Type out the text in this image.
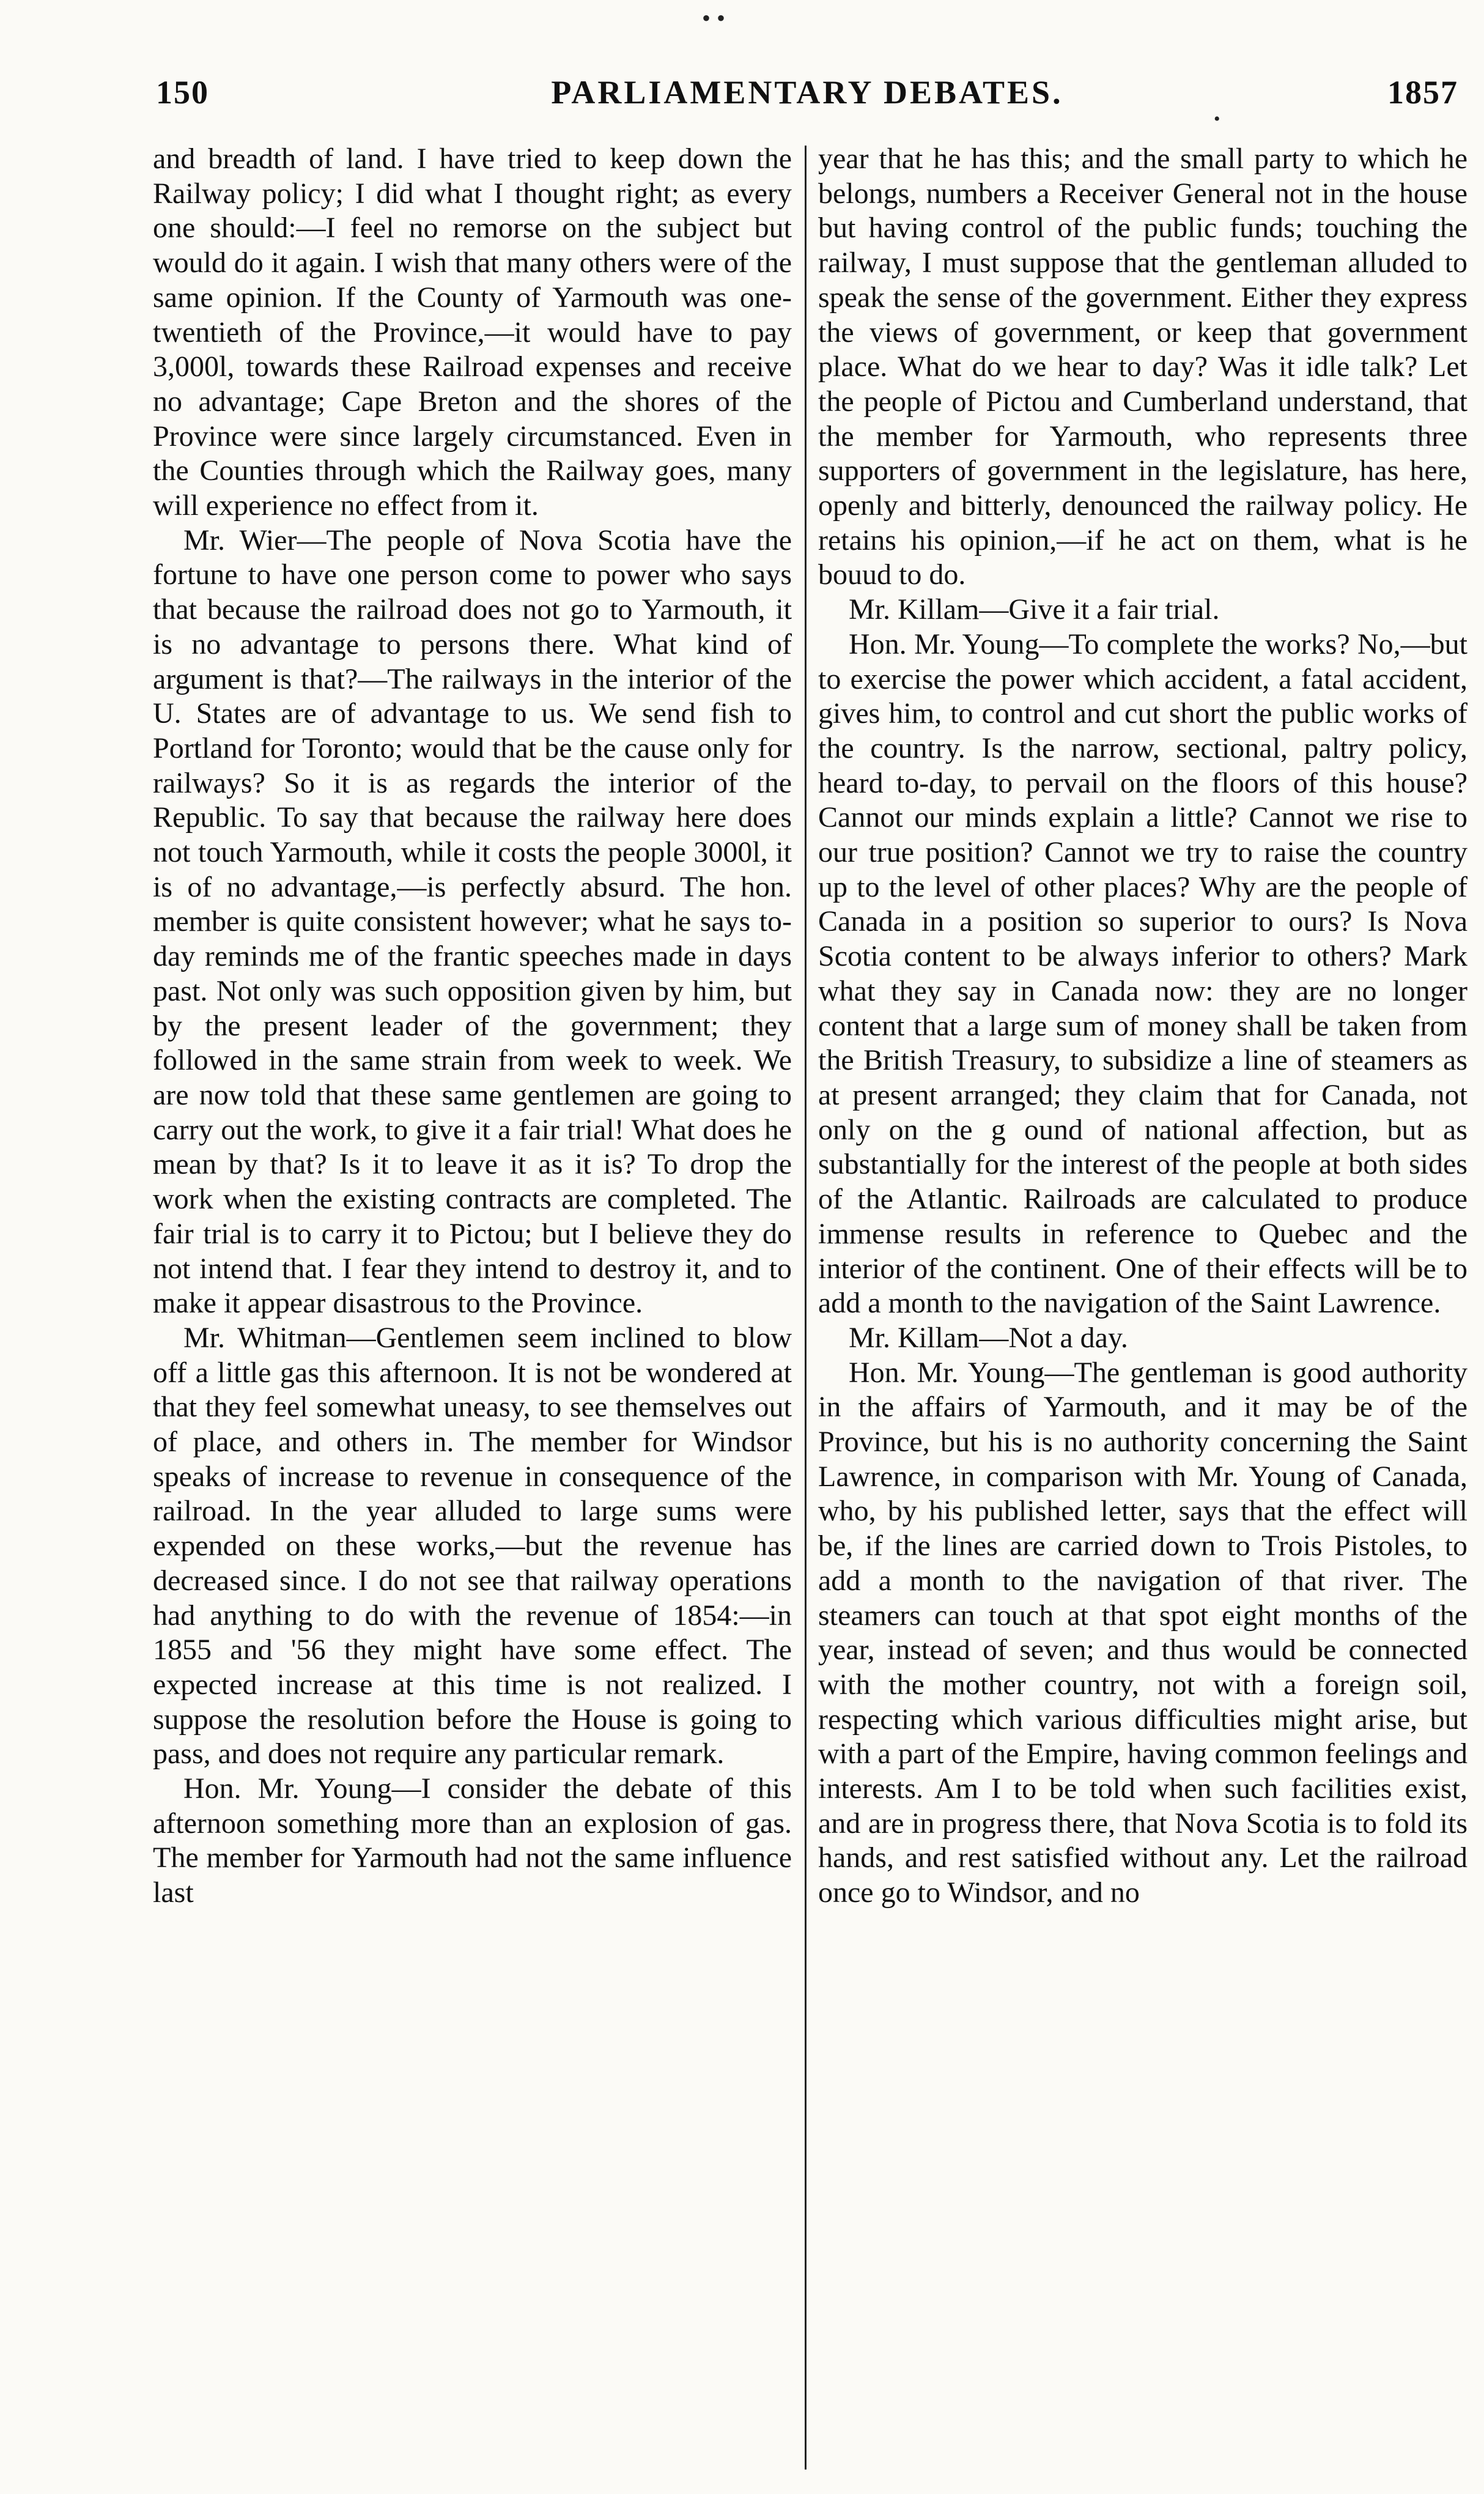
• •
•
150	PARLIAMENTARY DEBATES.	1857

and breadth of land. I have tried to keep down the Railway policy; I did what I thought right; as every one should:—I feel no remorse on the subject but would do it again. I wish that many others were of the same opinion. If the County of Yarmouth was one-twentieth of the Province,—it would have to pay 3,000l, towards these Railroad expenses and receive no advantage; Cape Breton and the shores of the Province were since largely circumstanced. Even in the Counties through which the Railway goes, many will experience no effect from it.

Mr. Wier—The people of Nova Scotia have the fortune to have one person come to power who says that because the railroad does not go to Yarmouth, it is no advantage to persons there. What kind of argument is that?—The railways in the interior of the U. States are of advantage to us. We send fish to Portland for Toronto; would that be the cause only for railways? So it is as regards the interior of the Republic. To say that because the railway here does not touch Yarmouth, while it costs the people 3000l, it is of no advantage,—is perfectly absurd. The hon. member is quite consistent however; what he says to-day reminds me of the frantic speeches made in days past. Not only was such opposition given by him, but by the present leader of the government; they followed in the same strain from week to week. We are now told that these same gentlemen are going to carry out the work, to give it a fair trial! What does he mean by that? Is it to leave it as it is? To drop the work when the existing contracts are completed. The fair trial is to carry it to Pictou; but I believe they do not intend that. I fear they intend to destroy it, and to make it appear disastrous to the Province.

Mr. Whitman—Gentlemen seem inclined to blow off a little gas this afternoon. It is not be wondered at that they feel somewhat uneasy, to see themselves out of place, and others in. The member for Windsor speaks of increase to revenue in consequence of the railroad. In the year alluded to large sums were expended on these works,—but the revenue has decreased since. I do not see that railway operations had anything to do with the revenue of 1854:—in 1855 and '56 they might have some effect. The expected increase at this time is not realized. I suppose the resolution before the House is going to pass, and does not require any particular remark.

Hon. Mr. Young—I consider the debate of this afternoon something more than an explosion of gas. The member for Yarmouth had not the same influence last

year that he has this; and the small party to which he belongs, numbers a Receiver General not in the house but having control of the public funds; touching the railway, I must suppose that the gentleman alluded to speak the sense of the government. Either they express the views of government, or keep that government place. What do we hear to day? Was it idle talk? Let the people of Pictou and Cumberland understand, that the member for Yarmouth, who represents three supporters of government in the legislature, has here, openly and bitterly, denounced the railway policy. He retains his opinion,—if he act on them, what is he bouud to do.

Mr. Killam—Give it a fair trial.

Hon. Mr. Young—To complete the works? No,—but to exercise the power which accident, a fatal accident, gives him, to control and cut short the public works of the country. Is the narrow, sectional, paltry policy, heard to-day, to pervail on the floors of this house? Cannot our minds explain a little? Cannot we rise to our true position? Cannot we try to raise the country up to the level of other places? Why are the people of Canada in a position so superior to ours? Is Nova Scotia content to be always inferior to others? Mark what they say in Canada now: they are no longer content that a large sum of money shall be taken from the British Treasury, to subsidize a line of steamers as at present arranged; they claim that for Canada, not only on the g ound of national affection, but as substantially for the interest of the people at both sides of the Atlantic. Railroads are calculated to produce immense results in reference to Quebec and the interior of the continent. One of their effects will be to add a month to the navigation of the Saint Lawrence.

Mr. Killam—Not a day.

Hon. Mr. Young—The gentleman is good authority in the affairs of Yarmouth, and it may be of the Province, but his is no authority concerning the Saint Lawrence, in comparison with Mr. Young of Canada, who, by his published letter, says that the effect will be, if the lines are carried down to Trois Pistoles, to add a month to the navigation of that river. The steamers can touch at that spot eight months of the year, instead of seven; and thus would be connected with the mother country, not with a foreign soil, respecting which various difficulties might arise, but with a part of the Empire, having common feelings and interests. Am I to be told when such facilities exist, and are in progress there, that Nova Scotia is to fold its hands, and rest satisfied without any. Let the railroad once go to Windsor, and no
